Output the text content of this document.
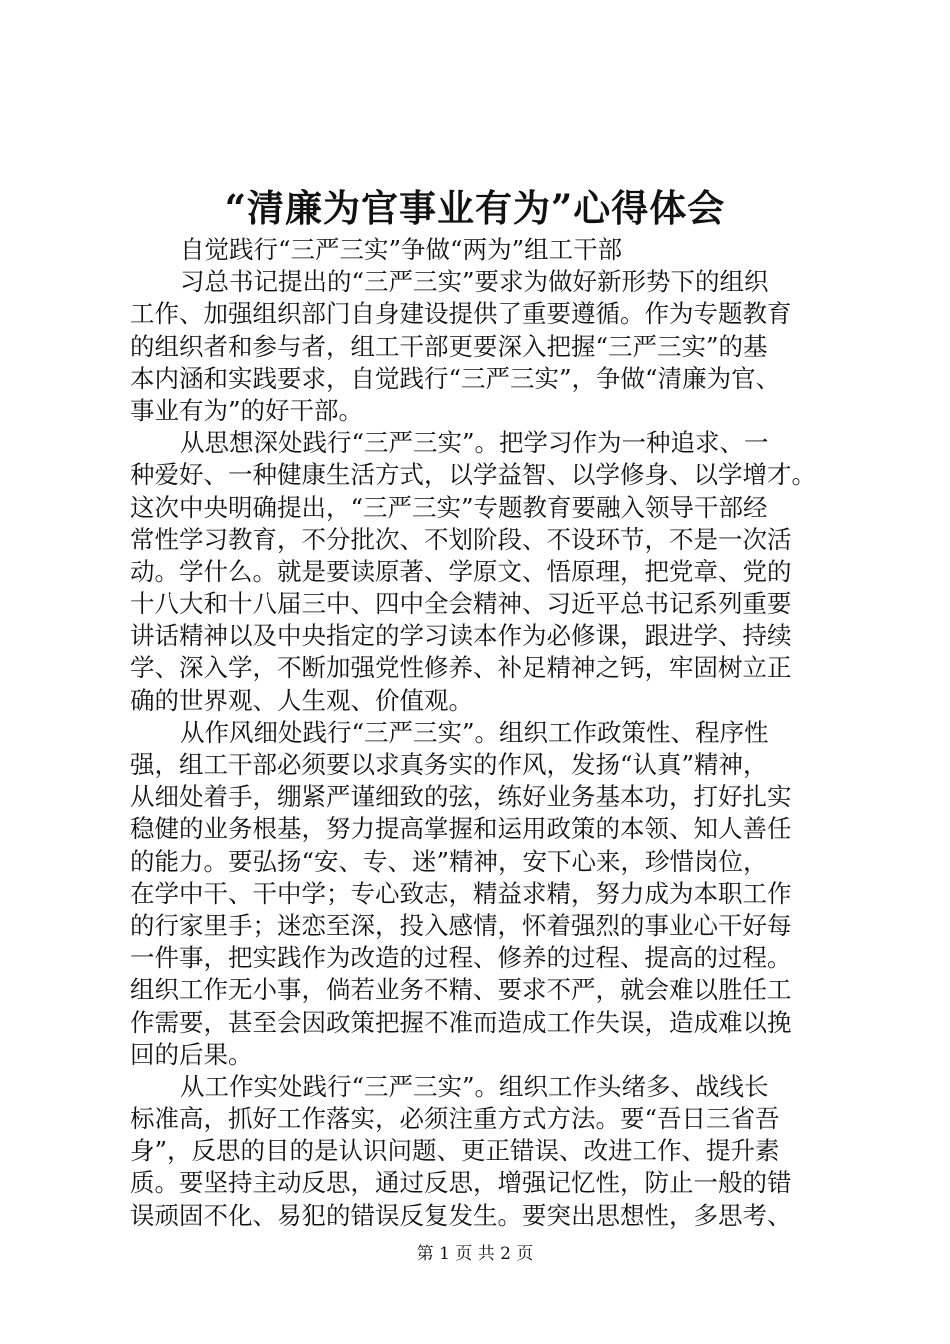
“清廉为官事业有为”心得体会
自觉践行“三严三实”争做“两为”组工干部
习总书记提出的“三严三实”要求为做好新形势下的组织
工作、加强组织部门自身建设提供了重要遵循。作为专题教育
的组织者和参与者，组工干部更要深入把握“三严三实”的基
本内涵和实践要求，自觉践行“三严三实”，争做“清廉为官、
事业有为”的好干部。
从思想深处践行“三严三实”。把学习作为一种追求、一
种爱好、一种健康生活方式，以学益智、以学修身、以学增才。
这次中央明确提出，“三严三实”专题教育要融入领导干部经
常性学习教育，不分批次、不划阶段、不设环节，不是一次活
动。学什么。就是要读原著、学原文、悟原理，把党章、党的
十八大和十八届三中、四中全会精神、习近平总书记系列重要
讲话精神以及中央指定的学习读本作为必修课，跟进学、持续
学、深入学，不断加强党性修养、补足精神之钙，牢固树立正
确的世界观、人生观、价值观。
从作风细处践行“三严三实”。组织工作政策性、程序性
强，组工干部必须要以求真务实的作风，发扬“认真”精神，
从细处着手，绷紧严谨细致的弦，练好业务基本功，打好扎实
稳健的业务根基，努力提高掌握和运用政策的本领、知人善任
的能力。要弘扬“安、专、迷”精神，安下心来，珍惜岗位，
在学中干、干中学；专心致志，精益求精，努力成为本职工作
的行家里手；迷恋至深，投入感情，怀着强烈的事业心干好每
一件事，把实践作为改造的过程、修养的过程、提高的过程。
组织工作无小事，倘若业务不精、要求不严，就会难以胜任工
作需要，甚至会因政策把握不准而造成工作失误，造成难以挽
回的后果。
从工作实处践行“三严三实”。组织工作头绪多、战线长
标准高，抓好工作落实，必须注重方式方法。要“吾日三省吾
身”，反思的目的是认识问题、更正错误、改进工作、提升素
质。要坚持主动反思，通过反思，增强记忆性，防止一般的错
误顽固不化、易犯的错误反复发生。要突出思想性，多思考、
第 1 页 共 2 页
